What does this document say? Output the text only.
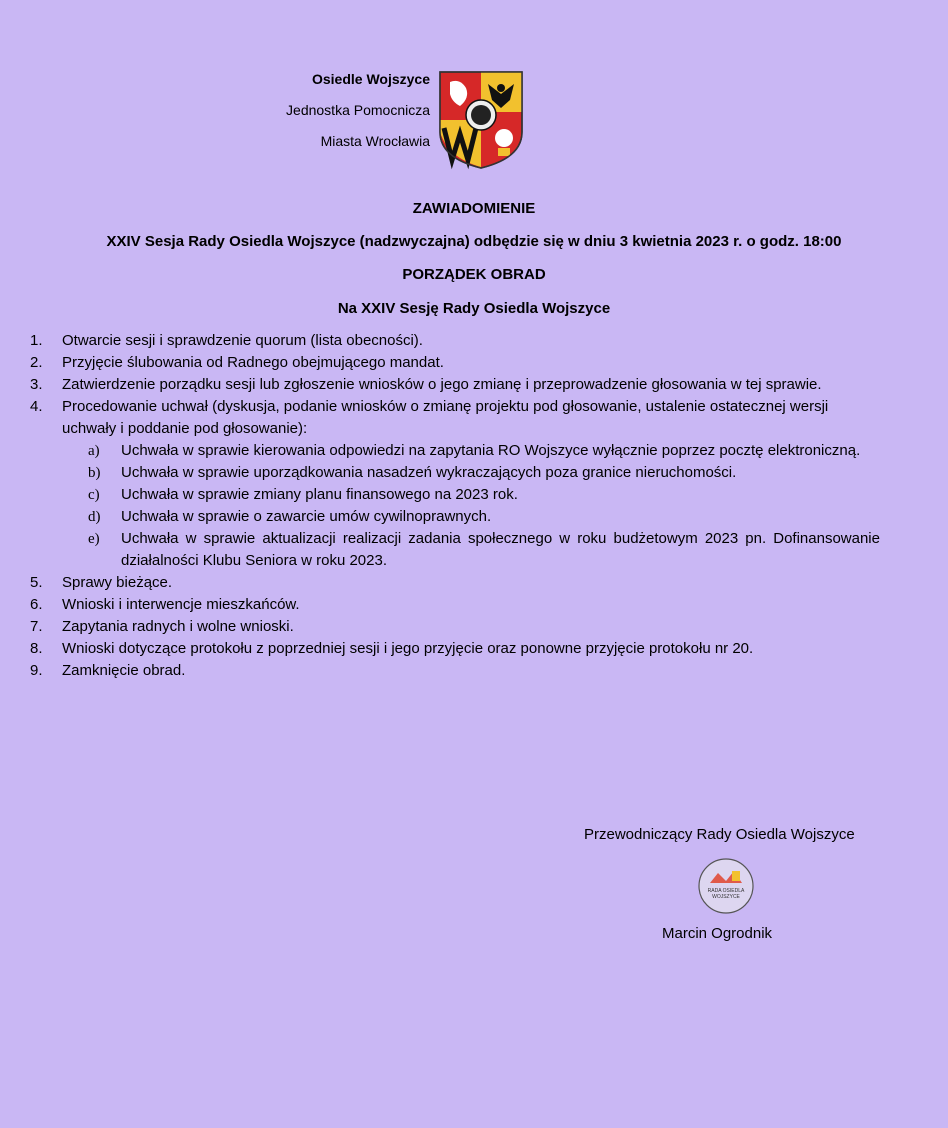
Osiedle Wojszyce
Jednostka Pomocnicza
Miasta Wrocławia
ZAWIADOMIENIE
XXIV Sesja Rady Osiedla Wojszyce (nadzwyczajna) odbędzie się w dniu 3 kwietnia 2023 r. o godz. 18:00
PORZĄDEK OBRAD
Na XXIV Sesję Rady Osiedla Wojszyce
1.	Otwarcie sesji i sprawdzenie quorum (lista obecności).
2.	Przyjęcie ślubowania od Radnego obejmującego mandat.
3.	Zatwierdzenie porządku sesji lub zgłoszenie wniosków o jego zmianę i przeprowadzenie głosowania w tej sprawie.
4.	Procedowanie uchwał (dyskusja, podanie wniosków o zmianę projektu pod głosowanie, ustalenie ostatecznej wersji uchwały i poddanie pod głosowanie):
a)	Uchwała w sprawie kierowania odpowiedzi na zapytania RO Wojszyce wyłącznie poprzez pocztę elektroniczną.
b)	Uchwała w sprawie uporządkowania nasadzeń wykraczających poza granice nieruchomości.
c)	Uchwała w sprawie zmiany planu finansowego na 2023 rok.
d)	Uchwała w sprawie o zawarcie umów cywilnoprawnych.
e)	Uchwała w sprawie aktualizacji realizacji zadania społecznego w roku budżetowym 2023 pn. Dofinansowanie działalności Klubu Seniora w roku 2023.
5.	Sprawy bieżące.
6.	Wnioski i interwencje mieszkańców.
7.	Zapytania radnych i wolne wnioski.
8.	Wnioski dotyczące protokołu z poprzedniej sesji i jego przyjęcie oraz ponowne przyjęcie protokołu nr 20.
9.	Zamknięcie obrad.
Przewodniczący Rady Osiedla Wojszyce
RADA OSIEDLA
WOJSZYCE
Marcin Ogrodnik
